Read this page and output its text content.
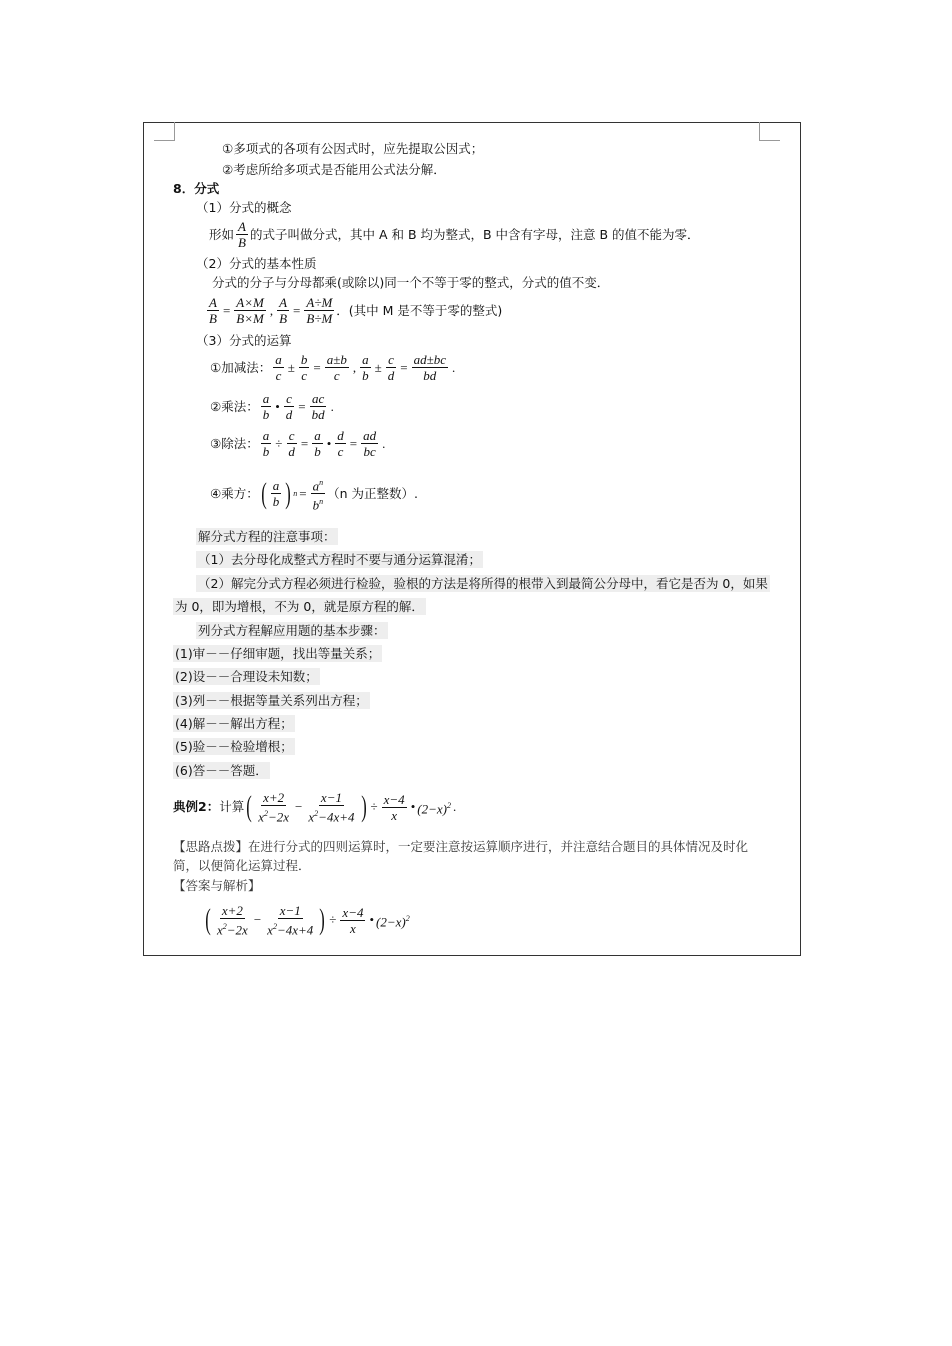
①多项式的各项有公因式时，应先提取公因式；
②考虑所给多项式是否能用公式法分解．
8．分式
（1）分式的概念
形如 A
B
的式子叫做分式，其中 A 和 B 均为整式，B 中含有字母，注意 B 的值不能为零．
（2）分式的基本性质
分式的分子与分母都乘(或除以)同一个不等于零的整式，分式的值不变．
$\frac{A}{B} = \frac{A\times M}{B\times M}$ , $\frac{A}{B} = \frac{A\div M}{B\div M}$ ．(其中 M 是不等于零的整式)
（3）分式的运算
①加减法： a
c
± $\frac{b}{c} = \frac{a\pm b}{c}$ , a
b
± $\frac{c}{d} = \frac{ad\pm bc}{bd}$ .
②乘法： a
b
• $\frac{c}{d} = \frac{ac}{bd}$ .
③除法： $\frac{a}{b} \div \frac{c}{d} = \frac{a}{b}$ • $\frac{d}{c} = \frac{ad}{bc}$ .
④乘方： ( a
b ) $n = \frac{a^n}{b^n} (n$ 为正整数）.
解分式方程的注意事项：
（1）去分母化成整式方程时不要与通分运算混淆；
（2）解完分式方程必须进行检验，验根的方法是将所得的根带入到最简公分母中，看它是否为 0，如果
为 0，即为增根，不为 0，就是原方程的解．
列分式方程解应用题的基本步骤：
(1)审－－仔细审题，找出等量关系；
(2)设－－合理设未知数；
(3)列－－根据等量关系列出方程；
(4)解－－解出方程；
(5)验－－检验增根；
(6)答－－答题．
典例2： 计算 ( x+2
$x^2-2x$
− $\frac{x-1}{x^2-4x+4}$ ) ÷ $\frac{x-4}{x}$ • $(2-x)^2$ .
【思路点拨】在进行分式的四则运算时，一定要注意按运算顺序进行，并注意结合题目的具体情况及时化
简，以便简化运算过程．
【答案与解析】
( x+2
$x^2-2x$
− $\frac{x-1}{x^2-4x+4}$ ) ÷ $\frac{x-4}{x}$ • $(2-x)^2$
